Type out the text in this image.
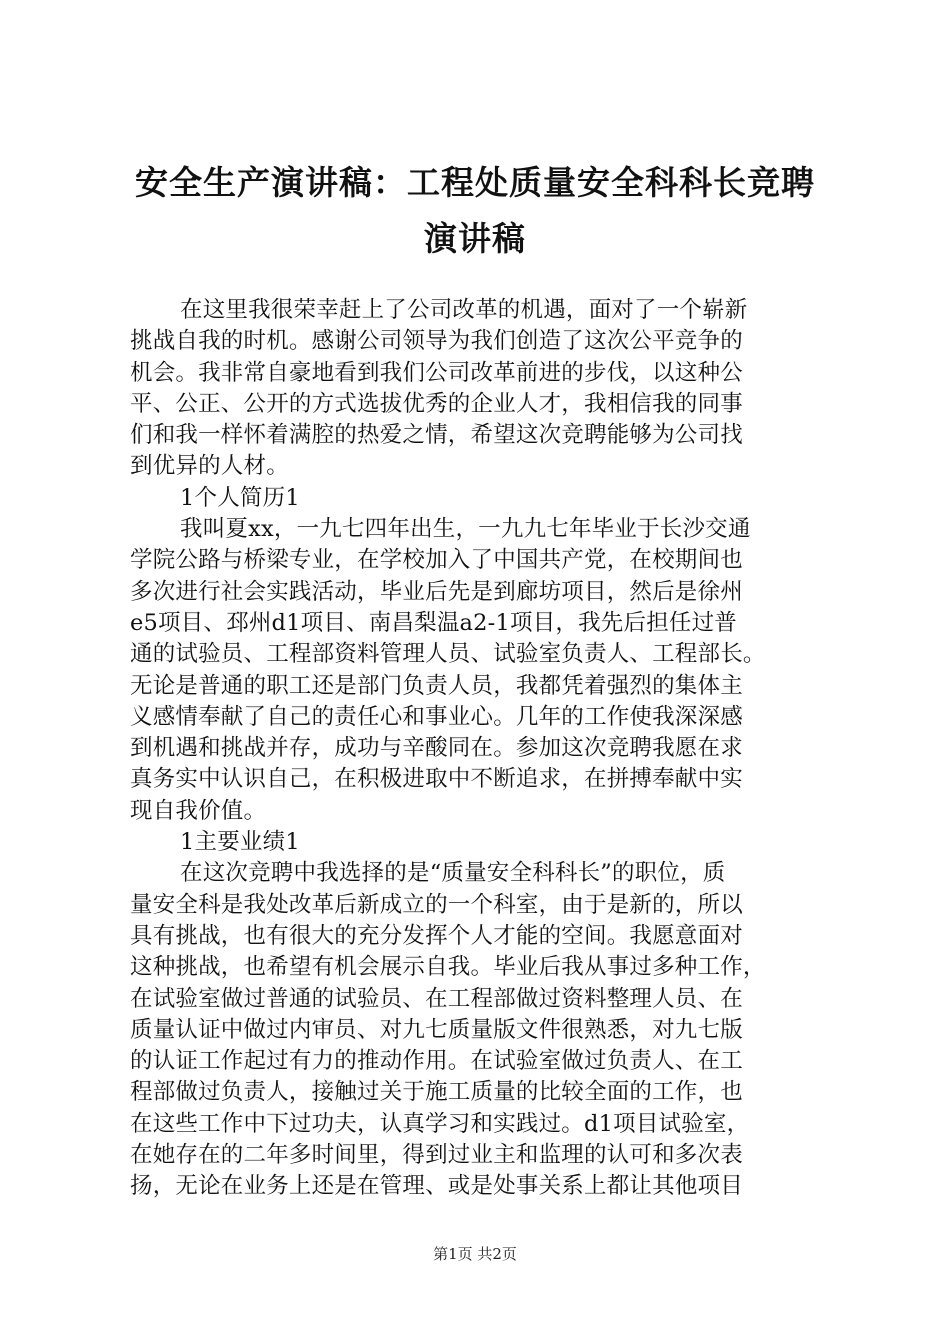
安全生产演讲稿：工程处质量安全科科长竞聘
演讲稿
在这里我很荣幸赶上了公司改革的机遇，面对了一个崭新
挑战自我的时机。感谢公司领导为我们创造了这次公平竞争的
机会。我非常自豪地看到我们公司改革前进的步伐，以这种公
平、公正、公开的方式选拔优秀的企业人才，我相信我的同事
们和我一样怀着满腔的热爱之情，希望这次竞聘能够为公司找
到优异的人材。
1个人简历1
我叫夏xx，一九七四年出生，一九九七年毕业于长沙交通
学院公路与桥梁专业，在学校加入了中国共产党，在校期间也
多次进行社会实践活动，毕业后先是到廊坊项目，然后是徐州
e5项目、邳州d1项目、南昌梨温a2-1项目，我先后担任过普
通的试验员、工程部资料管理人员、试验室负责人、工程部长。
无论是普通的职工还是部门负责人员，我都凭着强烈的集体主
义感情奉献了自己的责任心和事业心。几年的工作使我深深感
到机遇和挑战并存，成功与辛酸同在。参加这次竞聘我愿在求
真务实中认识自己，在积极进取中不断追求，在拼搏奉献中实
现自我价值。
1主要业绩1
在这次竞聘中我选择的是“质量安全科科长”的职位，质
量安全科是我处改革后新成立的一个科室，由于是新的，所以
具有挑战，也有很大的充分发挥个人才能的空间。我愿意面对
这种挑战，也希望有机会展示自我。毕业后我从事过多种工作，
在试验室做过普通的试验员、在工程部做过资料整理人员、在
质量认证中做过内审员、对九七质量版文件很熟悉，对九七版
的认证工作起过有力的推动作用。在试验室做过负责人、在工
程部做过负责人，接触过关于施工质量的比较全面的工作，也
在这些工作中下过功夫，认真学习和实践过。d1项目试验室，
在她存在的二年多时间里，得到过业主和监理的认可和多次表
扬，无论在业务上还是在管理、或是处事关系上都让其他项目
第1页 共2页
